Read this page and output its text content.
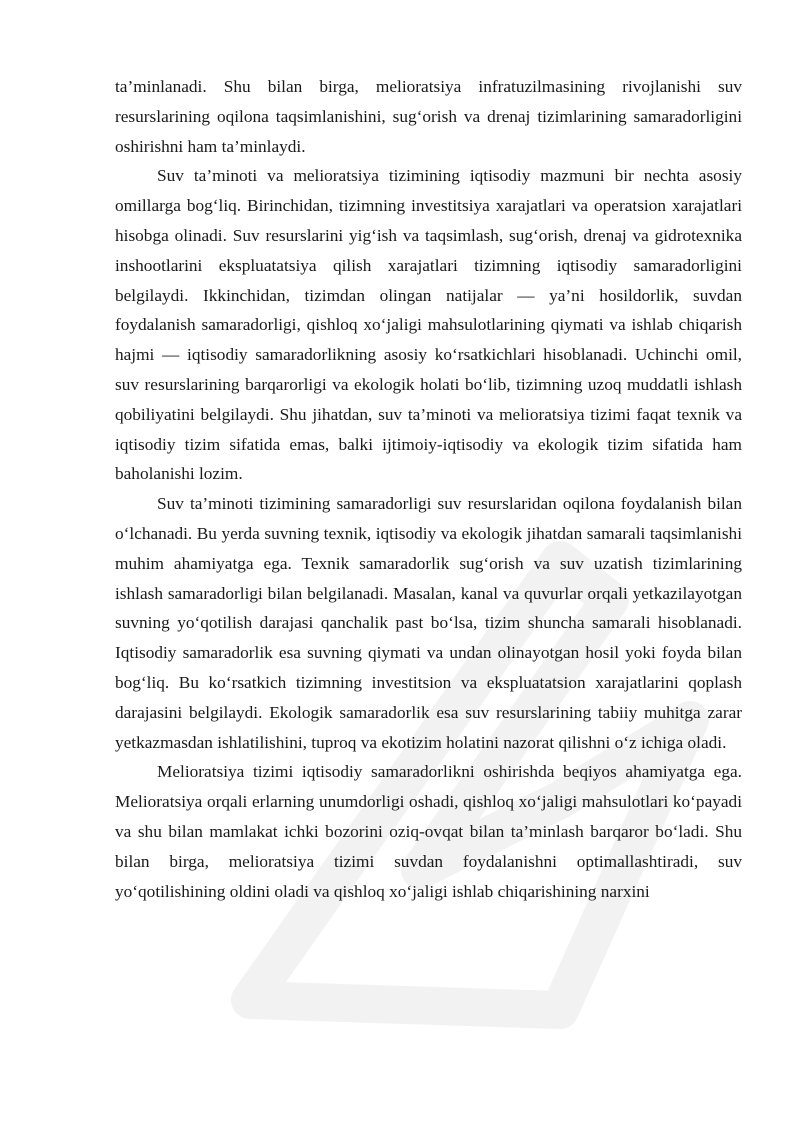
ta’minlanadi. Shu bilan birga, melioratsiya infratuzilmasining rivojlanishi suv resurslarining oqilona taqsimlanishini, sug‘orish va drenaj tizimlarining samaradorligini oshirishni ham ta’minlaydi.

Suv ta’minoti va melioratsiya tizimining iqtisodiy mazmuni bir nechta asosiy omillarga bog‘liq. Birinchidan, tizimning investitsiya xarajatlari va operatsion xarajatlari hisobga olinadi. Suv resurslarini yig‘ish va taqsimlash, sug‘orish, drenaj va gidrotexnika inshootlarini ekspluatatsiya qilish xarajatlari tizimning iqtisodiy samaradorligini belgilaydi. Ikkinchidan, tizimdan olingan natijalar — ya’ni hosildorlik, suvdan foydalanish samaradorligi, qishloq xo‘jaligi mahsulotlarining qiymati va ishlab chiqarish hajmi — iqtisodiy samaradorlikning asosiy ko‘rsatkichlari hisoblanadi. Uchinchi omil, suv resurslarining barqarorligi va ekologik holati bo‘lib, tizimning uzoq muddatli ishlash qobiliyatini belgilaydi. Shu jihatdan, suv ta’minoti va melioratsiya tizimi faqat texnik va iqtisodiy tizim sifatida emas, balki ijtimoiy-iqtisodiy va ekologik tizim sifatida ham baholanishi lozim.

Suv ta’minoti tizimining samaradorligi suv resurslaridan oqilona foydalanish bilan o‘lchanadi. Bu yerda suvning texnik, iqtisodiy va ekologik jihatdan samarali taqsimlanishi muhim ahamiyatga ega. Texnik samaradorlik sug‘orish va suv uzatish tizimlarining ishlash samaradorligi bilan belgilanadi. Masalan, kanal va quvurlar orqali yetkazilayotgan suvning yo‘qotilish darajasi qanchalik past bo‘lsa, tizim shuncha samarali hisoblanadi. Iqtisodiy samaradorlik esa suvning qiymati va undan olinayotgan hosil yoki foyda bilan bog‘liq. Bu ko‘rsatkich tizimning investitsion va ekspluatatsion xarajatlarini qoplash darajasini belgilaydi. Ekologik samaradorlik esa suv resurslarining tabiiy muhitga zarar yetkazmasdan ishlatilishini, tuproq va ekotizim holatini nazorat qilishni o‘z ichiga oladi.

Melioratsiya tizimi iqtisodiy samaradorlikni oshirishda beqiyos ahamiyatga ega. Melioratsiya orqali erlarning unumdorligi oshadi, qishloq xo‘jaligi mahsulotlari ko‘payadi va shu bilan mamlakat ichki bozorini oziq-ovqat bilan ta’minlash barqaror bo‘ladi. Shu bilan birga, melioratsiya tizimi suvdan foydalanishni optimallashtiradi, suv yo‘qotilishining oldini oladi va qishloq xo‘jaligi ishlab chiqarishining narxini
